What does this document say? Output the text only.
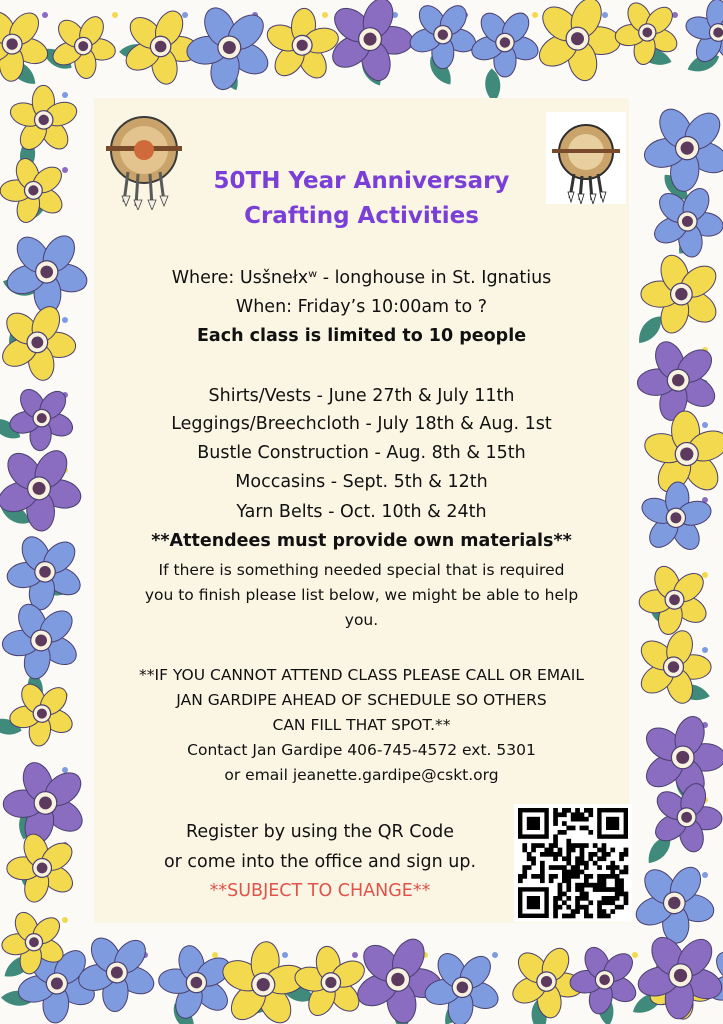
50TH Year Anniversary
Crafting Activities
Where: Usšnełxʷ - longhouse in St. Ignatius
When: Friday’s 10:00am to ?
Each class is limited to 10 people
Shirts/Vests - June 27th & July 11th
Leggings/Breechcloth - July 18th & Aug. 1st
Bustle Construction - Aug. 8th & 15th
Moccasins - Sept. 5th & 12th
Yarn Belts - Oct. 10th & 24th
**Attendees must provide own materials**
If there is something needed special that is required
you to finish please list below, we might be able to help
you.
**IF YOU CANNOT ATTEND CLASS PLEASE CALL OR EMAIL
JAN GARDIPE AHEAD OF SCHEDULE SO OTHERS
CAN FILL THAT SPOT.**
Contact Jan Gardipe 406-745-4572 ext. 5301
or email jeanette.gardipe@cskt.org
Register by using the QR Code
or come into the office and sign up.
**SUBJECT TO CHANGE**
